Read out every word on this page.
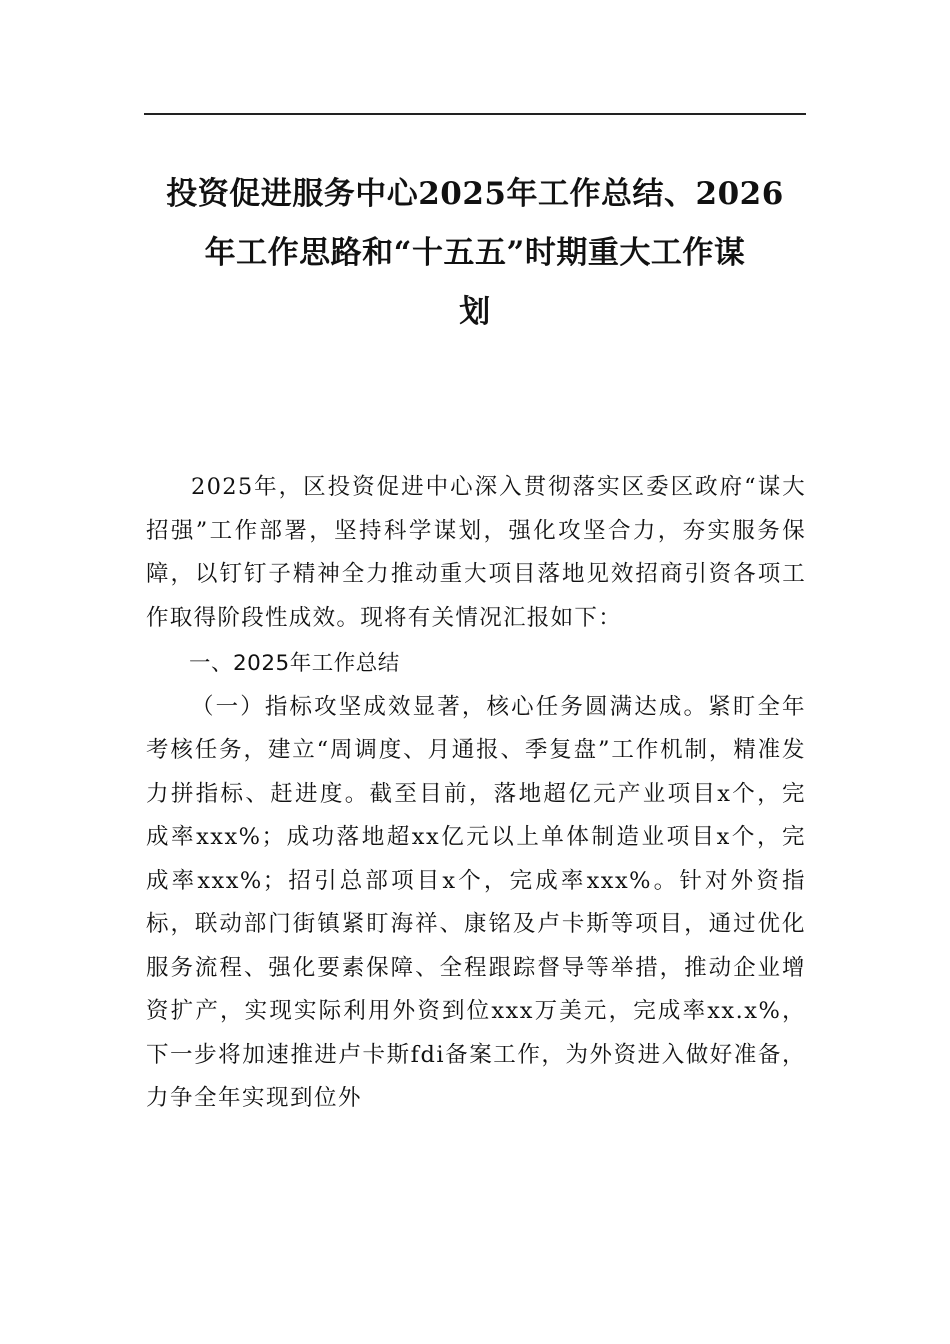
投资促进服务中心2025年工作总结、2026
年工作思路和“十五五”时期重大工作谋
划

2025年，区投资促进中心深入贯彻落实区委区政府“谋大招强”工作部署，坚持科学谋划，强化攻坚合力，夯实服务保障，以钉钉子精神全力推动重大项目落地见效招商引资各项工作取得阶段性成效。现将有关情况汇报如下：

一、2025年工作总结

（一）指标攻坚成效显著，核心任务圆满达成。紧盯全年考核任务，建立“周调度、月通报、季复盘”工作机制，精准发力拼指标、赶进度。截至目前，落地超亿元产业项目x个，完成率xxx%；成功落地超xx亿元以上单体制造业项目x个，完成率xxx%；招引总部项目x个，完成率xxx%。针对外资指标，联动部门街镇紧盯海祥、康铭及卢卡斯等项目，通过优化服务流程、强化要素保障、全程跟踪督导等举措，推动企业增资扩产，实现实际利用外资到位xxx万美元，完成率xx.x%，下一步将加速推进卢卡斯fdi备案工作，为外资进入做好准备，力争全年实现到位外
